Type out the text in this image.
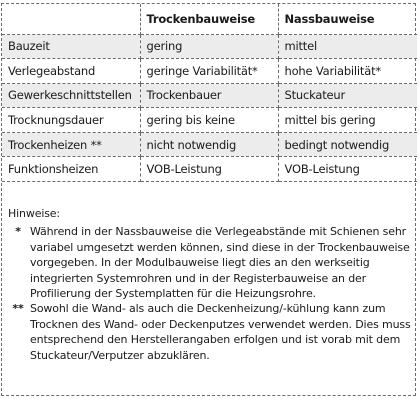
	Trockenbauweise	Nassbauweise
Bauzeit	gering	mittel
Verlegeabstand	geringe Variabilität*	hohe Variabilität*
Gewerkeschnittstellen	Trockenbauer	Stuckateur
Trocknungsdauer	gering bis keine	mittel bis gering
Trockenheizen **	nicht notwendig	bedingt notwendig
Funktionsheizen	VOB-Leistung	VOB-Leistung

Hinweise:

* Während in der Nassbauweise die Verlegeabstände mit Schienen sehr
variabel umgesetzt werden können, sind diese in der Trockenbauweise
vorgegeben. In der Modulbauweise liegt dies an den werkseitig
integrierten Systemrohren und in der Registerbauweise an der
Profilierung der Systemplatten für die Heizungsrohre.
** Sowohl die Wand- als auch die Deckenheizung/-kühlung kann zum
Trocknen des Wand- oder Deckenputzes verwendet werden. Dies muss
entsprechend den Herstellerangaben erfolgen und ist vorab mit dem
Stuckateur/Verputzer abzuklären.
